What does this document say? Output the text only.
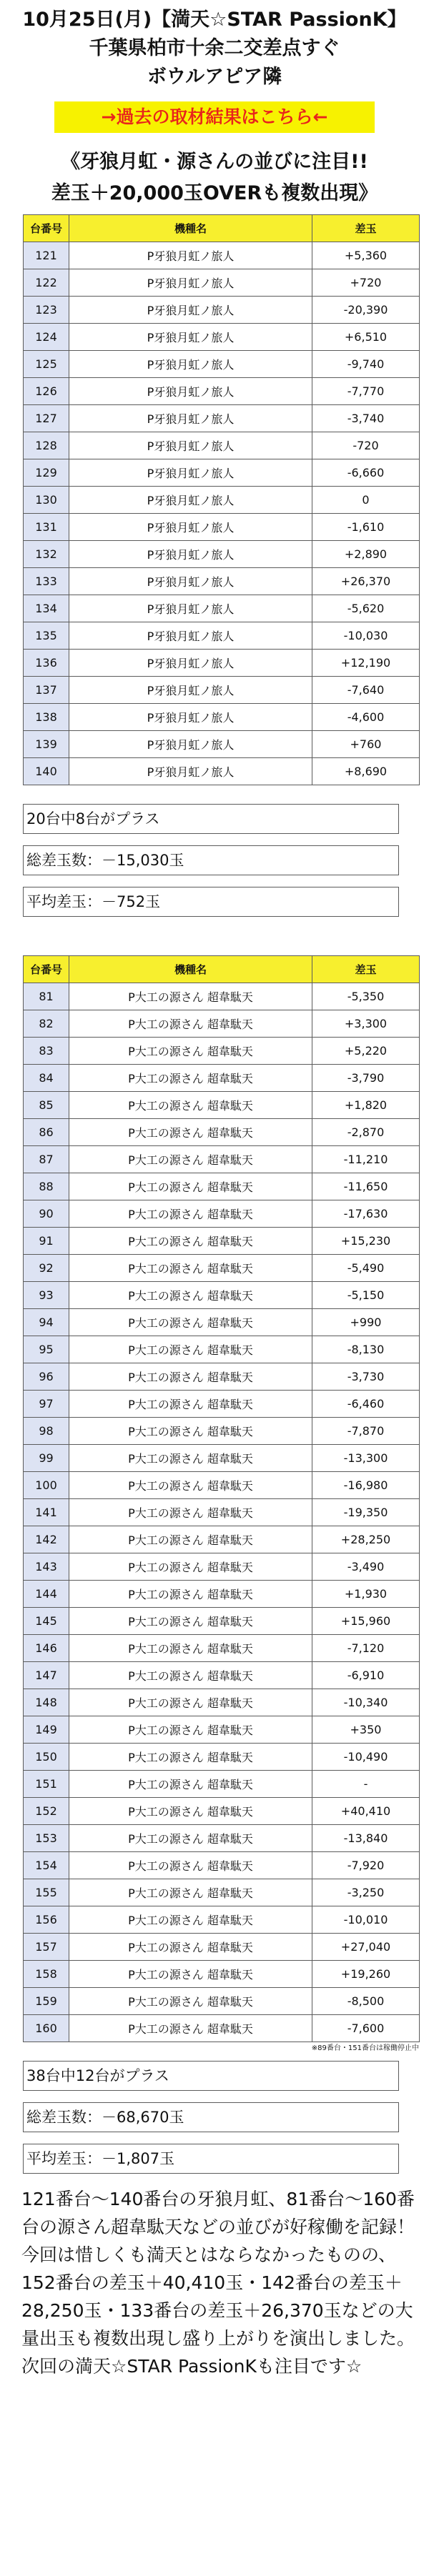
10月25日(月)【満天☆STAR PassionK】
千葉県柏市十余二交差点すぐ
ボウルアピア隣
→過去の取材結果はこちら←
《牙狼月虹・源さんの並びに注目!!
差玉＋20,000玉OVERも複数出現》
台番号	機種名	差玉
121	P牙狼月虹ノ旅人	+5,360
122	P牙狼月虹ノ旅人	+720
123	P牙狼月虹ノ旅人	-20,390
124	P牙狼月虹ノ旅人	+6,510
125	P牙狼月虹ノ旅人	-9,740
126	P牙狼月虹ノ旅人	-7,770
127	P牙狼月虹ノ旅人	-3,740
128	P牙狼月虹ノ旅人	-720
129	P牙狼月虹ノ旅人	-6,660
130	P牙狼月虹ノ旅人	0
131	P牙狼月虹ノ旅人	-1,610
132	P牙狼月虹ノ旅人	+2,890
133	P牙狼月虹ノ旅人	+26,370
134	P牙狼月虹ノ旅人	-5,620
135	P牙狼月虹ノ旅人	-10,030
136	P牙狼月虹ノ旅人	+12,190
137	P牙狼月虹ノ旅人	-7,640
138	P牙狼月虹ノ旅人	-4,600
139	P牙狼月虹ノ旅人	+760
140	P牙狼月虹ノ旅人	+8,690
20台中8台がプラス
総差玉数：－15,030玉
平均差玉：－752玉
台番号	機種名	差玉
81	P大工の源さん 超韋駄天	-5,350
82	P大工の源さん 超韋駄天	+3,300
83	P大工の源さん 超韋駄天	+5,220
84	P大工の源さん 超韋駄天	-3,790
85	P大工の源さん 超韋駄天	+1,820
86	P大工の源さん 超韋駄天	-2,870
87	P大工の源さん 超韋駄天	-11,210
88	P大工の源さん 超韋駄天	-11,650
90	P大工の源さん 超韋駄天	-17,630
91	P大工の源さん 超韋駄天	+15,230
92	P大工の源さん 超韋駄天	-5,490
93	P大工の源さん 超韋駄天	-5,150
94	P大工の源さん 超韋駄天	+990
95	P大工の源さん 超韋駄天	-8,130
96	P大工の源さん 超韋駄天	-3,730
97	P大工の源さん 超韋駄天	-6,460
98	P大工の源さん 超韋駄天	-7,870
99	P大工の源さん 超韋駄天	-13,300
100	P大工の源さん 超韋駄天	-16,980
141	P大工の源さん 超韋駄天	-19,350
142	P大工の源さん 超韋駄天	+28,250
143	P大工の源さん 超韋駄天	-3,490
144	P大工の源さん 超韋駄天	+1,930
145	P大工の源さん 超韋駄天	+15,960
146	P大工の源さん 超韋駄天	-7,120
147	P大工の源さん 超韋駄天	-6,910
148	P大工の源さん 超韋駄天	-10,340
149	P大工の源さん 超韋駄天	+350
150	P大工の源さん 超韋駄天	-10,490
151	P大工の源さん 超韋駄天	-
152	P大工の源さん 超韋駄天	+40,410
153	P大工の源さん 超韋駄天	-13,840
154	P大工の源さん 超韋駄天	-7,920
155	P大工の源さん 超韋駄天	-3,250
156	P大工の源さん 超韋駄天	-10,010
157	P大工の源さん 超韋駄天	+27,040
158	P大工の源さん 超韋駄天	+19,260
159	P大工の源さん 超韋駄天	-8,500
160	P大工の源さん 超韋駄天	-7,600
※89番台・151番台は稼働停止中
38台中12台がプラス
総差玉数：－68,670玉
平均差玉：－1,807玉
121番台〜140番台の牙狼月虹、81番台〜160番台の源さん超韋駄天などの並びが好稼働を記録！今回は惜しくも満天とはならなかったものの、152番台の差玉＋40,410玉・142番台の差玉＋28,250玉・133番台の差玉＋26,370玉などの大量出玉も複数出現し盛り上がりを演出しました。次回の満天☆STAR PassionKも注目です☆
